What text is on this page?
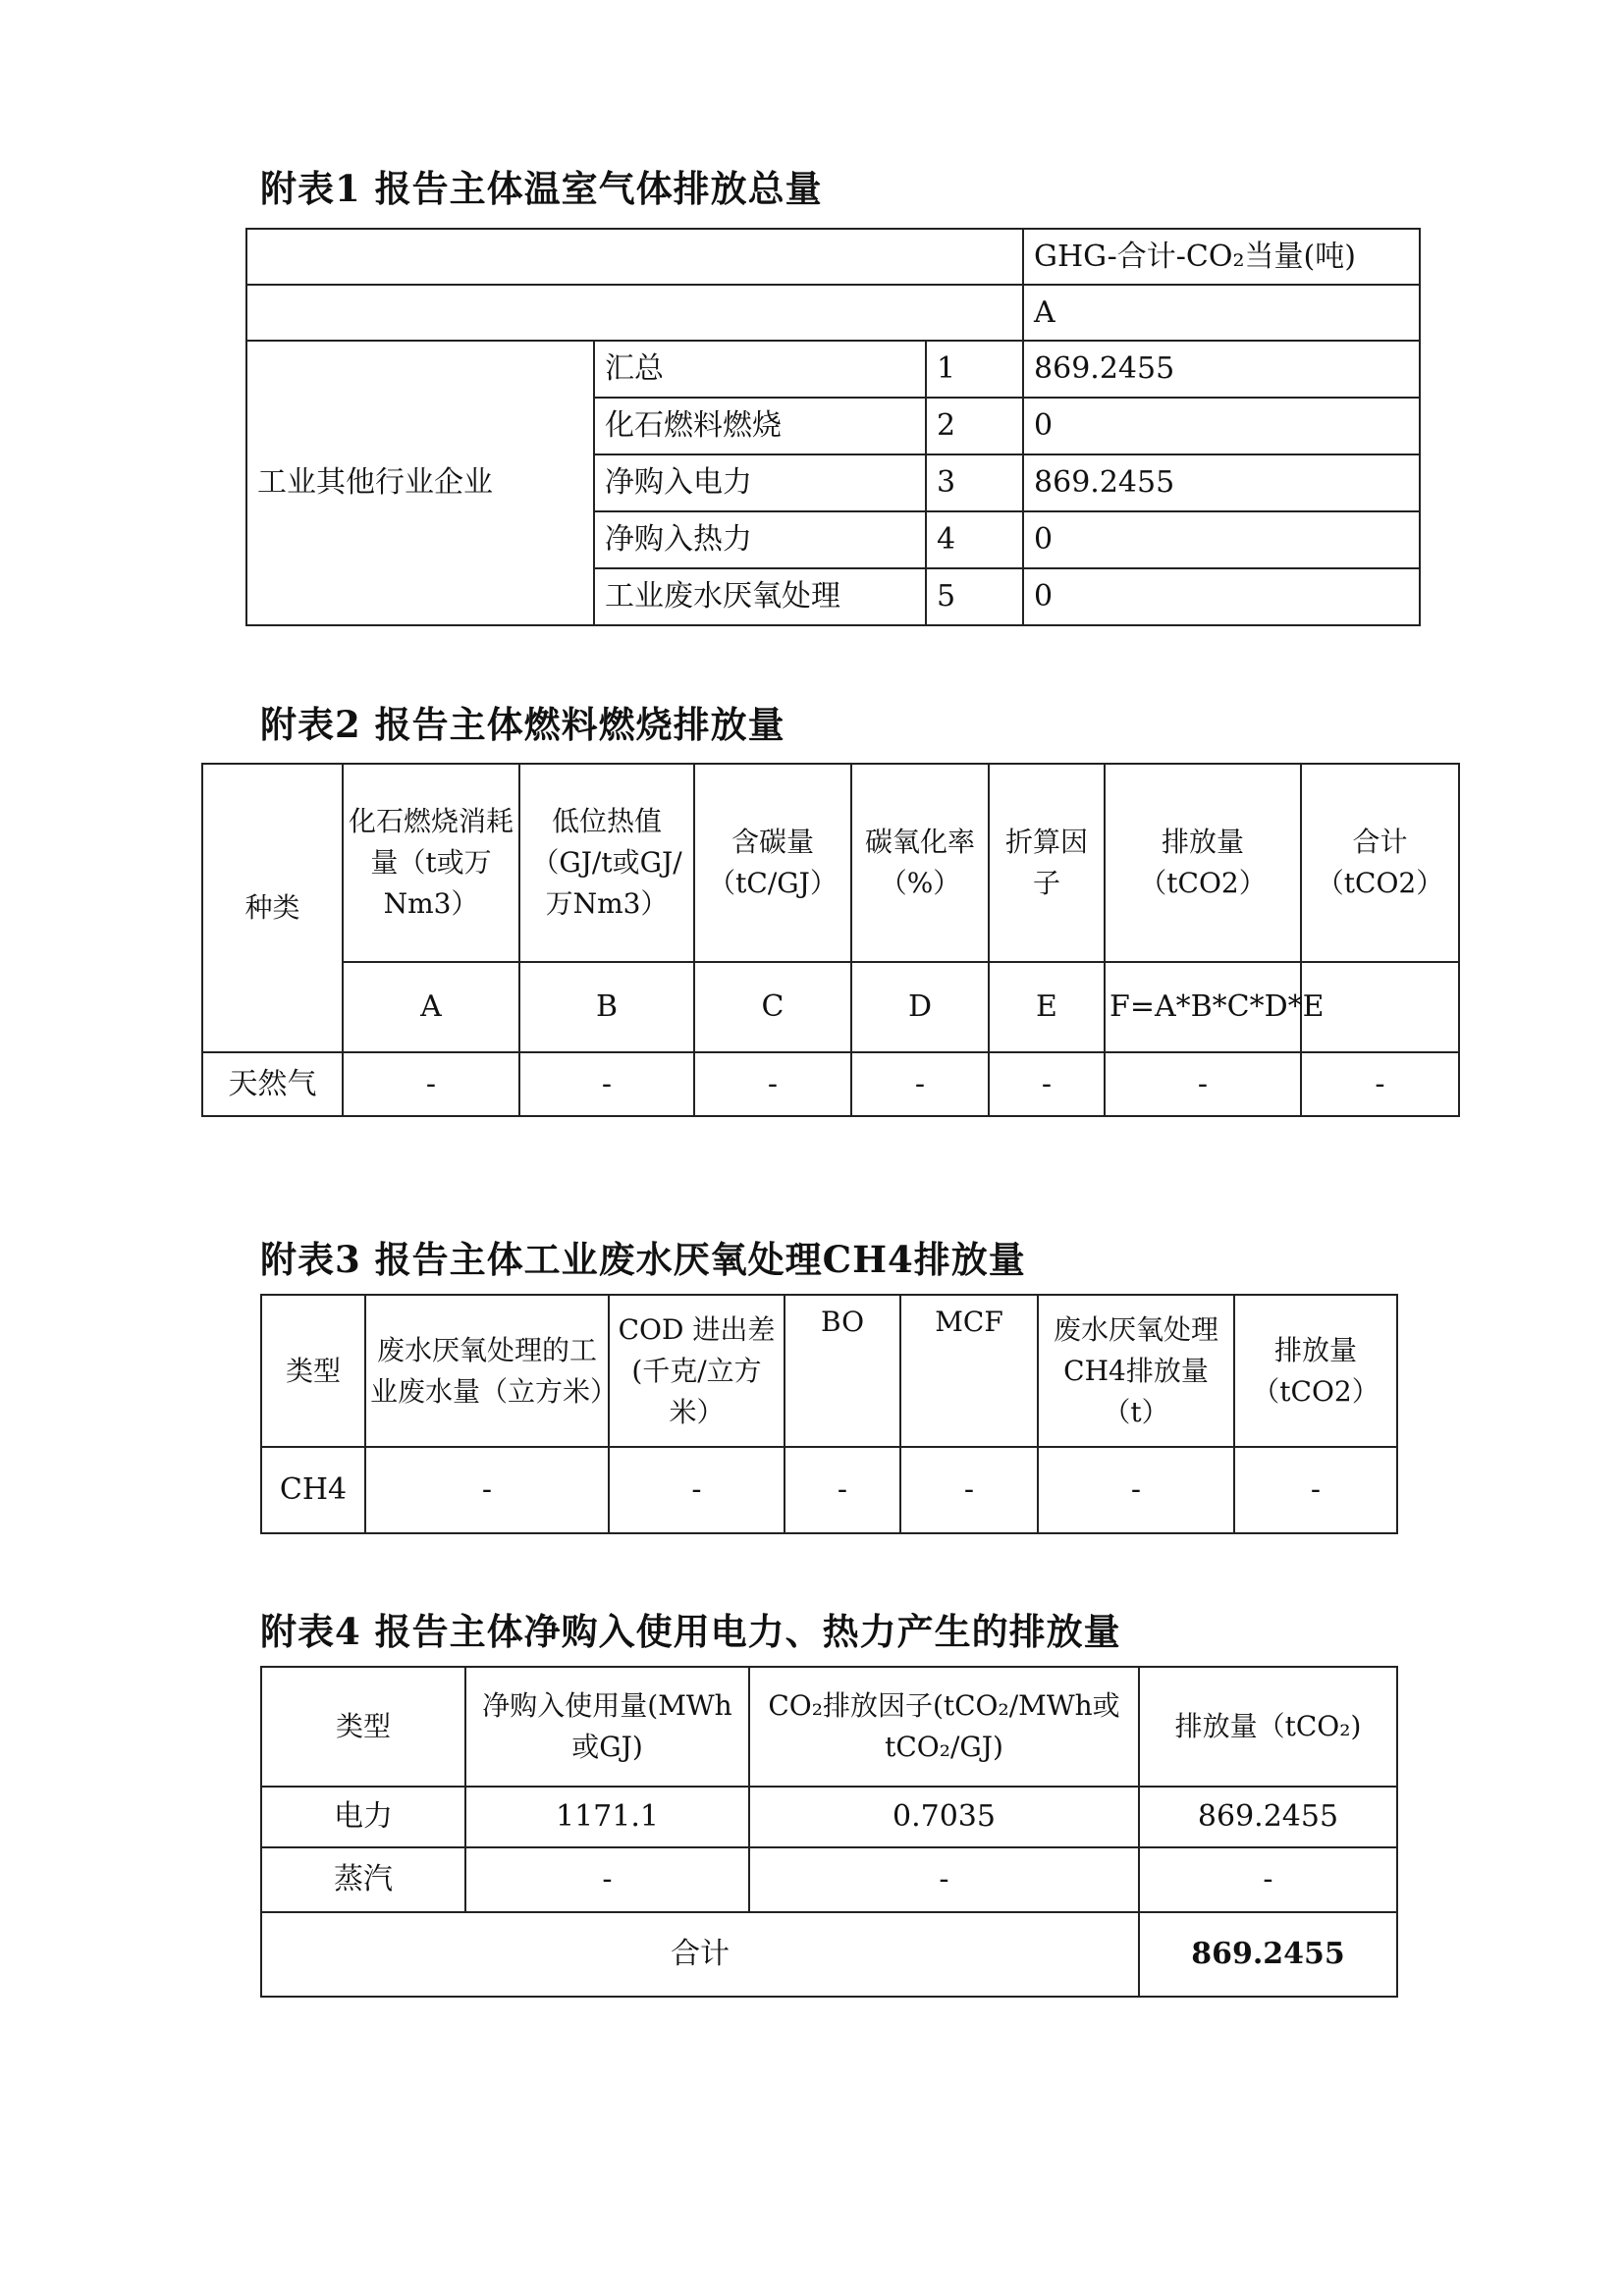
附表1 报告主体温室气体排放总量
			GHG-合计-CO₂当量(吨)
			A
工业其他行业企业	汇总	1	869.2455
	化石燃料燃烧	2	0
	净购入电力	3	869.2455
	净购入热力	4	0
	工业废水厌氧处理	5	0
附表2 报告主体燃料燃烧排放量
种类	化石燃烧消耗量（t或万Nm3）	低位热值（GJ/t或GJ/万Nm3）	含碳量（tC/GJ）	碳氧化率（%）	折算因子	排放量（tCO2）	合计（tCO2）
	A	B	C	D	E	F=A*B*C*D*E	
天然气	-	-	-	-	-	-	-
附表3 报告主体工业废水厌氧处理CH4排放量
类型	废水厌氧处理的工业废水量（立方米）	COD 进出差(千克/立方米）	BO	MCF	废水厌氧处理CH4排放量（t）	排放量（tCO2）
CH4	-	-	-	-	-	-
附表4 报告主体净购入使用电力、热力产生的排放量
类型	净购入使用量(MWh或GJ)	CO₂排放因子(tCO₂/MWh或tCO₂/GJ)	排放量（tCO₂)
电力	1171.1	0.7035	869.2455
蒸汽	-	-	-
合计			869.2455
